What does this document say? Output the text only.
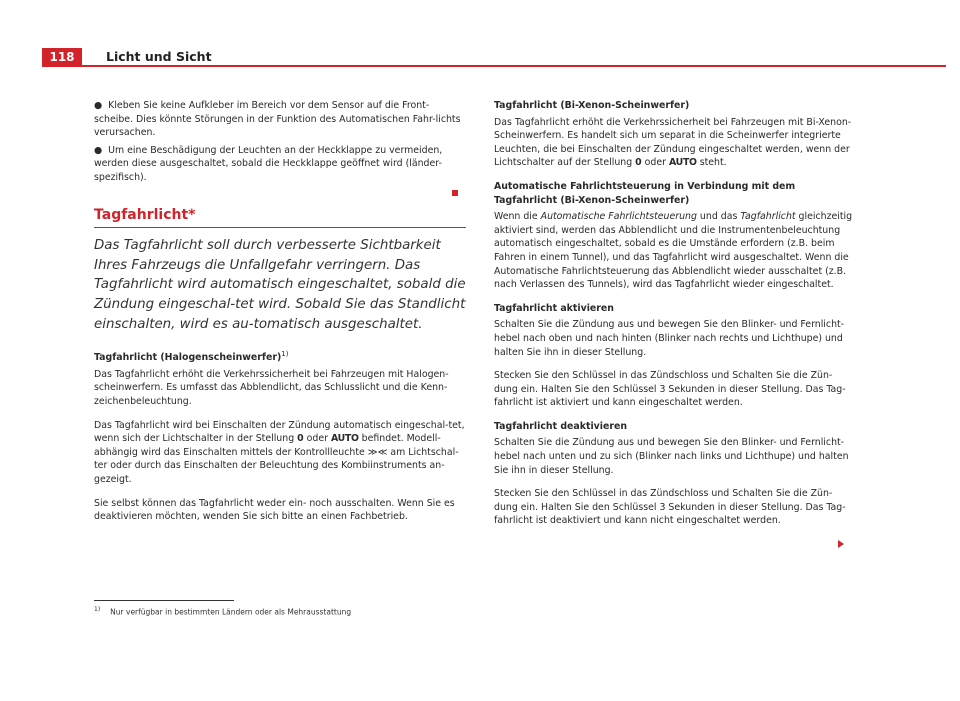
118	Licht und Sicht

● Kleben Sie keine Aufkleber im Bereich vor dem Sensor auf die Front-scheibe. Dies könnte Störungen in der Funktion des Automatischen Fahr-lichts verursachen.

● Um eine Beschädigung der Leuchten an der Heckklappe zu vermeiden, werden diese ausgeschaltet, sobald die Heckklappe geöffnet wird (länder-spezifisch).

Tagfahrlicht*

Das Tagfahrlicht soll durch verbesserte Sichtbarkeit Ihres Fahrzeugs die Unfallgefahr verringern. Das Tagfahrlicht wird automatisch eingeschaltet, sobald die Zündung eingeschal-tet wird. Sobald Sie das Standlicht einschalten, wird es au-tomatisch ausgeschaltet.

Tagfahrlicht (Halogenscheinwerfer)$^{1)}$

Das Tagfahrlicht erhöht die Verkehrssicherheit bei Fahrzeugen mit Halogen-scheinwerfern. Es umfasst das Abblendlicht, das Schlusslicht und die Kenn-zeichenbeleuchtung.

Das Tagfahrlicht wird bei Einschalten der Zündung automatisch eingeschal-tet, wenn sich der Lichtschalter in der Stellung 0 oder AUTO befindet. Modell-abhängig wird das Einschalten mittels der Kontrollleuchte ≫≪ am Lichtschal-ter oder durch das Einschalten der Beleuchtung des Kombiinstruments an-gezeigt.

Sie selbst können das Tagfahrlicht weder ein- noch ausschalten. Wenn Sie es deaktivieren möchten, wenden Sie sich bitte an einen Fachbetrieb.

Tagfahrlicht (Bi-Xenon-Scheinwerfer)

Das Tagfahrlicht erhöht die Verkehrssicherheit bei Fahrzeugen mit Bi-Xenon-Scheinwerfern. Es handelt sich um separat in die Scheinwerfer integrierte Leuchten, die bei Einschalten der Zündung eingeschaltet werden, wenn der Lichtschalter auf der Stellung 0 oder AUTO steht.

Automatische Fahrlichtsteuerung in Verbindung mit dem Tagfahrlicht (Bi-Xenon-Scheinwerfer)

Wenn die Automatische Fahrlichtsteuerung und das Tagfahrlicht gleichzeitig aktiviert sind, werden das Abblendlicht und die Instrumentenbeleuchtung automatisch eingeschaltet, sobald es die Umstände erfordern (z.B. beim Fahren in einem Tunnel), und das Tagfahrlicht wird ausgeschaltet. Wenn die Automatische Fahrlichtsteuerung das Abblendlicht wieder ausschaltet (z.B. nach Verlassen des Tunnels), wird das Tagfahrlicht wieder eingeschaltet.

Tagfahrlicht aktivieren

Schalten Sie die Zündung aus und bewegen Sie den Blinker- und Fernlicht-hebel nach oben und nach hinten (Blinker nach rechts und Lichthupe) und halten Sie ihn in dieser Stellung.

Stecken Sie den Schlüssel in das Zündschloss und Schalten Sie die Zün-dung ein. Halten Sie den Schlüssel 3 Sekunden in dieser Stellung. Das Tag-fahrlicht ist aktiviert und kann eingeschaltet werden.

Tagfahrlicht deaktivieren

Schalten Sie die Zündung aus und bewegen Sie den Blinker- und Fernlicht-hebel nach unten und zu sich (Blinker nach links und Lichthupe) und halten Sie ihn in dieser Stellung.

Stecken Sie den Schlüssel in das Zündschloss und Schalten Sie die Zün-dung ein. Halten Sie den Schlüssel 3 Sekunden in dieser Stellung. Das Tag-fahrlicht ist deaktiviert und kann nicht eingeschaltet werden.

$^{1)}$ Nur verfügbar in bestimmten Ländern oder als Mehrausstattung
